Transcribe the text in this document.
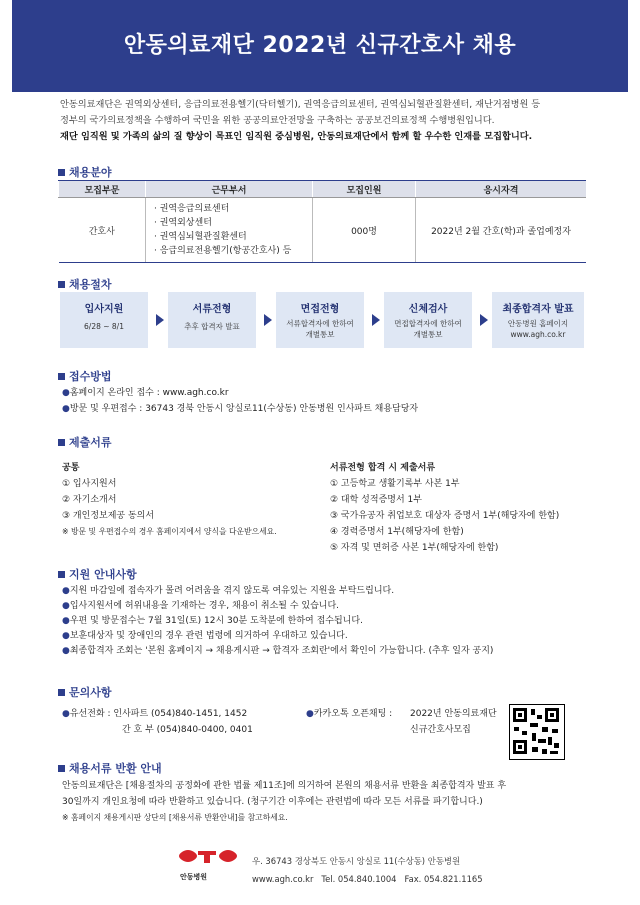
안동의료재단 2022년 신규간호사 채용
안동의료재단은 권역외상센터, 응급의료전용헬기(닥터헬기), 권역응급의료센터, 권역심뇌혈관질환센터, 재난거점병원 등
정부의 국가의료정책을 수행하여 국민을 위한 공공의료안전망을 구축하는 공공보건의료정책 수행병원입니다.
재단 임직원 및 가족의 삶의 질 향상이 목표인 임직원 중심병원, 안동의료재단에서 함께 할 우수한 인재를 모집합니다.
채용분야
모집부문	근무부서	모집인원	응시자격
간호사	· 권역응급의료센터
· 권역외상센터
· 권역심뇌혈관질환센터
· 응급의료전용헬기(항공간호사) 등	000명	2022년 2월 간호(학)과 졸업예정자
채용절차
입사지원
6/28 ~ 8/1
서류전형
추후 합격자 발표
면접전형
서류합격자에 한하여
개별통보
신체검사
면접합격자에 한하여
개별통보
최종합격자 발표
안동병원 홈페이지
www.agh.co.kr
접수방법
●홈페이지 온라인 접수 : www.agh.co.kr
●방문 및 우편접수 : 36743 경북 안동시 앙실로11(수상동) 안동병원 인사파트 채용담당자
제출서류
공통
① 입사지원서
② 자기소개서
③ 개인정보제공 동의서
※ 방문 및 우편접수의 경우 홈페이지에서 양식을 다운받으세요.
서류전형 합격 시 제출서류
① 고등학교 생활기록부 사본 1부
② 대학 성적증명서 1부
③ 국가유공자 취업보호 대상자 증명서 1부(해당자에 한함)
④ 경력증명서 1부(해당자에 한함)
⑤ 자격 및 면허증 사본 1부(해당자에 한함)
지원 안내사항
●지원 마감일에 접속자가 몰려 어려움을 겪지 않도록 여유있는 지원을 부탁드립니다.
●입사지원서에 허위내용을 기재하는 경우, 채용이 취소될 수 있습니다.
●우편 및 방문접수는 7월 31일(토) 12시 30분 도착분에 한하여 접수됩니다.
●보훈대상자 및 장애인의 경우 관련 법령에 의거하여 우대하고 있습니다.
●최종합격자 조회는 '본원 홈페이지 → 채용게시판 → 합격자 조회란'에서 확인이 가능합니다. (추후 일자 공지)
문의사항
●유선전화 : 인사파트 (054)840-1451, 1452
간 호 부 (054)840-0400, 0401
●카카오톡 오픈채팅 : 2022년 안동의료재단
신규간호사모집
채용서류 반환 안내
안동의료재단은 [채용절차의 공정화에 관한 법률 제11조]에 의거하여 본원의 채용서류 반환을 최종합격자 발표 후
30일까지 개인요청에 따라 반환하고 있습니다. (청구기간 이후에는 관련법에 따라 모든 서류를 파기합니다.)
※ 홈페이지 채용게시판 상단의 [채용서류 반환안내]를 참고하세요.
안동병원
우. 36743 경상북도 안동시 앙실로 11(수상동) 안동병원
www.agh.co.kr Tel. 054.840.1004 Fax. 054.821.1165
